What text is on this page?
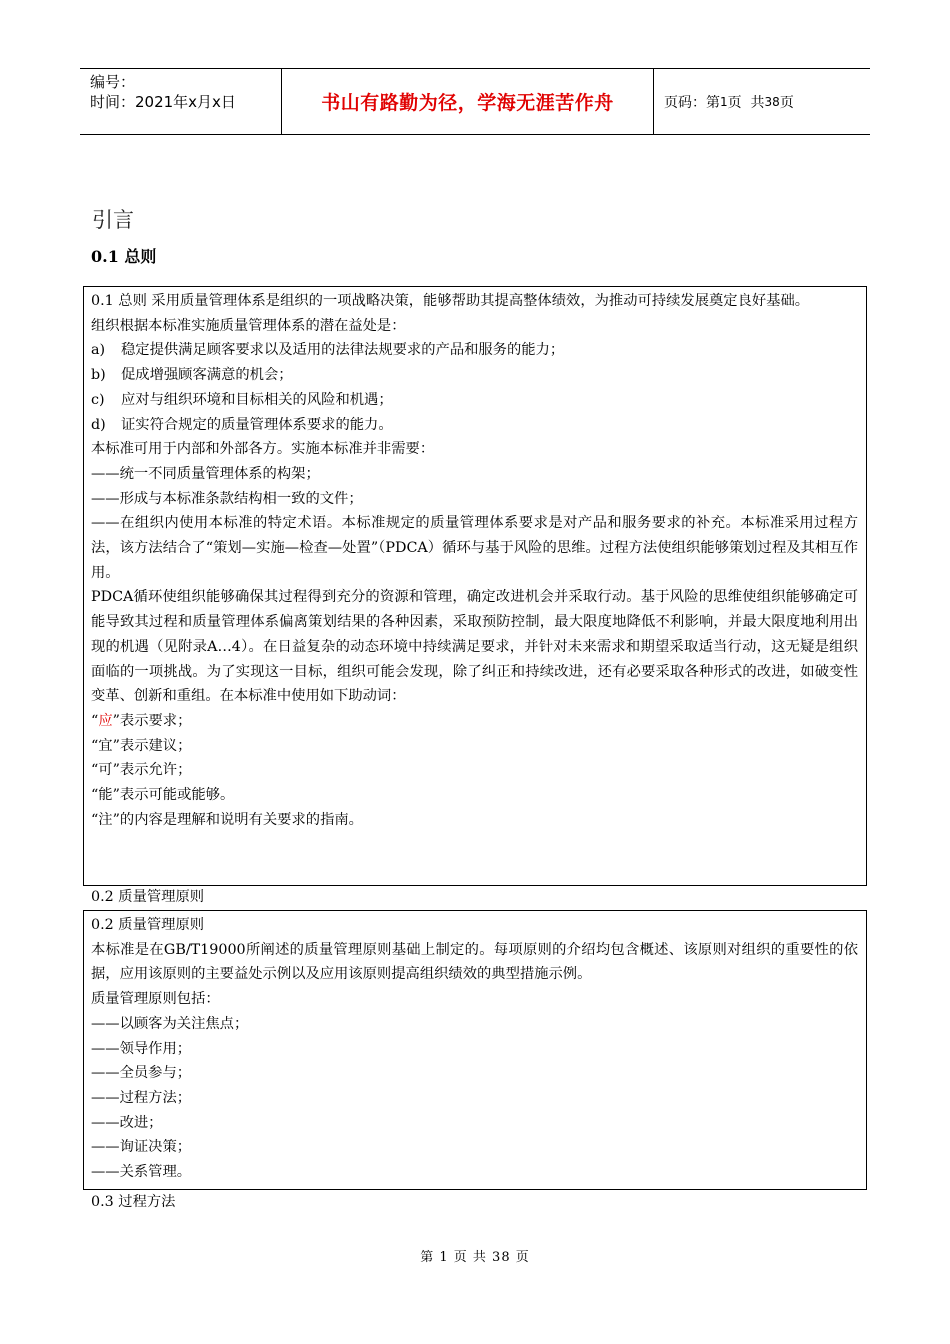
编号：
时间：2021年x月x日	书山有路勤为径，学海无涯苦作舟	页码：第 1 页  共 38 页
引言
0.1 总则

0.1 总则 采用质量管理体系是组织的一项战略决策，能够帮助其提高整体绩效，为推动可持续发展奠定良好基础。

组织根据本标准实施质量管理体系的潜在益处是：

a)	稳定提供满足顾客要求以及适用的法律法规要求的产品和服务的能力；
b)	促成增强顾客满意的机会；
c)	应对与组织环境和目标相关的风险和机遇；
d)	证实符合规定的质量管理体系要求的能力。

本标准可用于内部和外部各方。实施本标准并非需要：

——统一不同质量管理体系的构架；

——形成与本标准条款结构相一致的文件；

——在组织内使用本标准的特定术语。本标准规定的质量管理体系要求是对产品和服务要求的补充。本标准采用过程方法，该方法结合了“策划—实施—检查—处置”（PDCA）循环与基于风险的思维。过程方法使组织能够策划过程及其相互作用。

PDCA循环使组织能够确保其过程得到充分的资源和管理，确定改进机会并采取行动。基于风险的思维使组织能够确定可能导致其过程和质量管理体系偏离策划结果的各种因素，采取预防控制，最大限度地降低不利影响，并最大限度地利用出现的机遇（见附录A…4）。在日益复杂的动态环境中持续满足要求，并针对未来需求和期望采取适当行动，这无疑是组织面临的一项挑战。为了实现这一目标，组织可能会发现，除了纠正和持续改进，还有必要采取各种形式的改进，如破变性变革、创新和重组。在本标准中使用如下助动词：

“应”表示要求；

“宜”表示建议；

“可”表示允许；

“能”表示可能或能够。

“注”的内容是理解和说明有关要求的指南。

0.2 质量管理原则

0.2 质量管理原则

本标准是在GB/T19000所阐述的质量管理原则基础上制定的。每项原则的介绍均包含概述、该原则对组织的重要性的依据，应用该原则的主要益处示例以及应用该原则提高组织绩效的典型措施示例。

质量管理原则包括：

——以顾客为关注焦点；

——领导作用；

——全员参与；

——过程方法；

——改进；

——询证决策；

——关系管理。

0.3 过程方法
第 1 页 共 38 页
